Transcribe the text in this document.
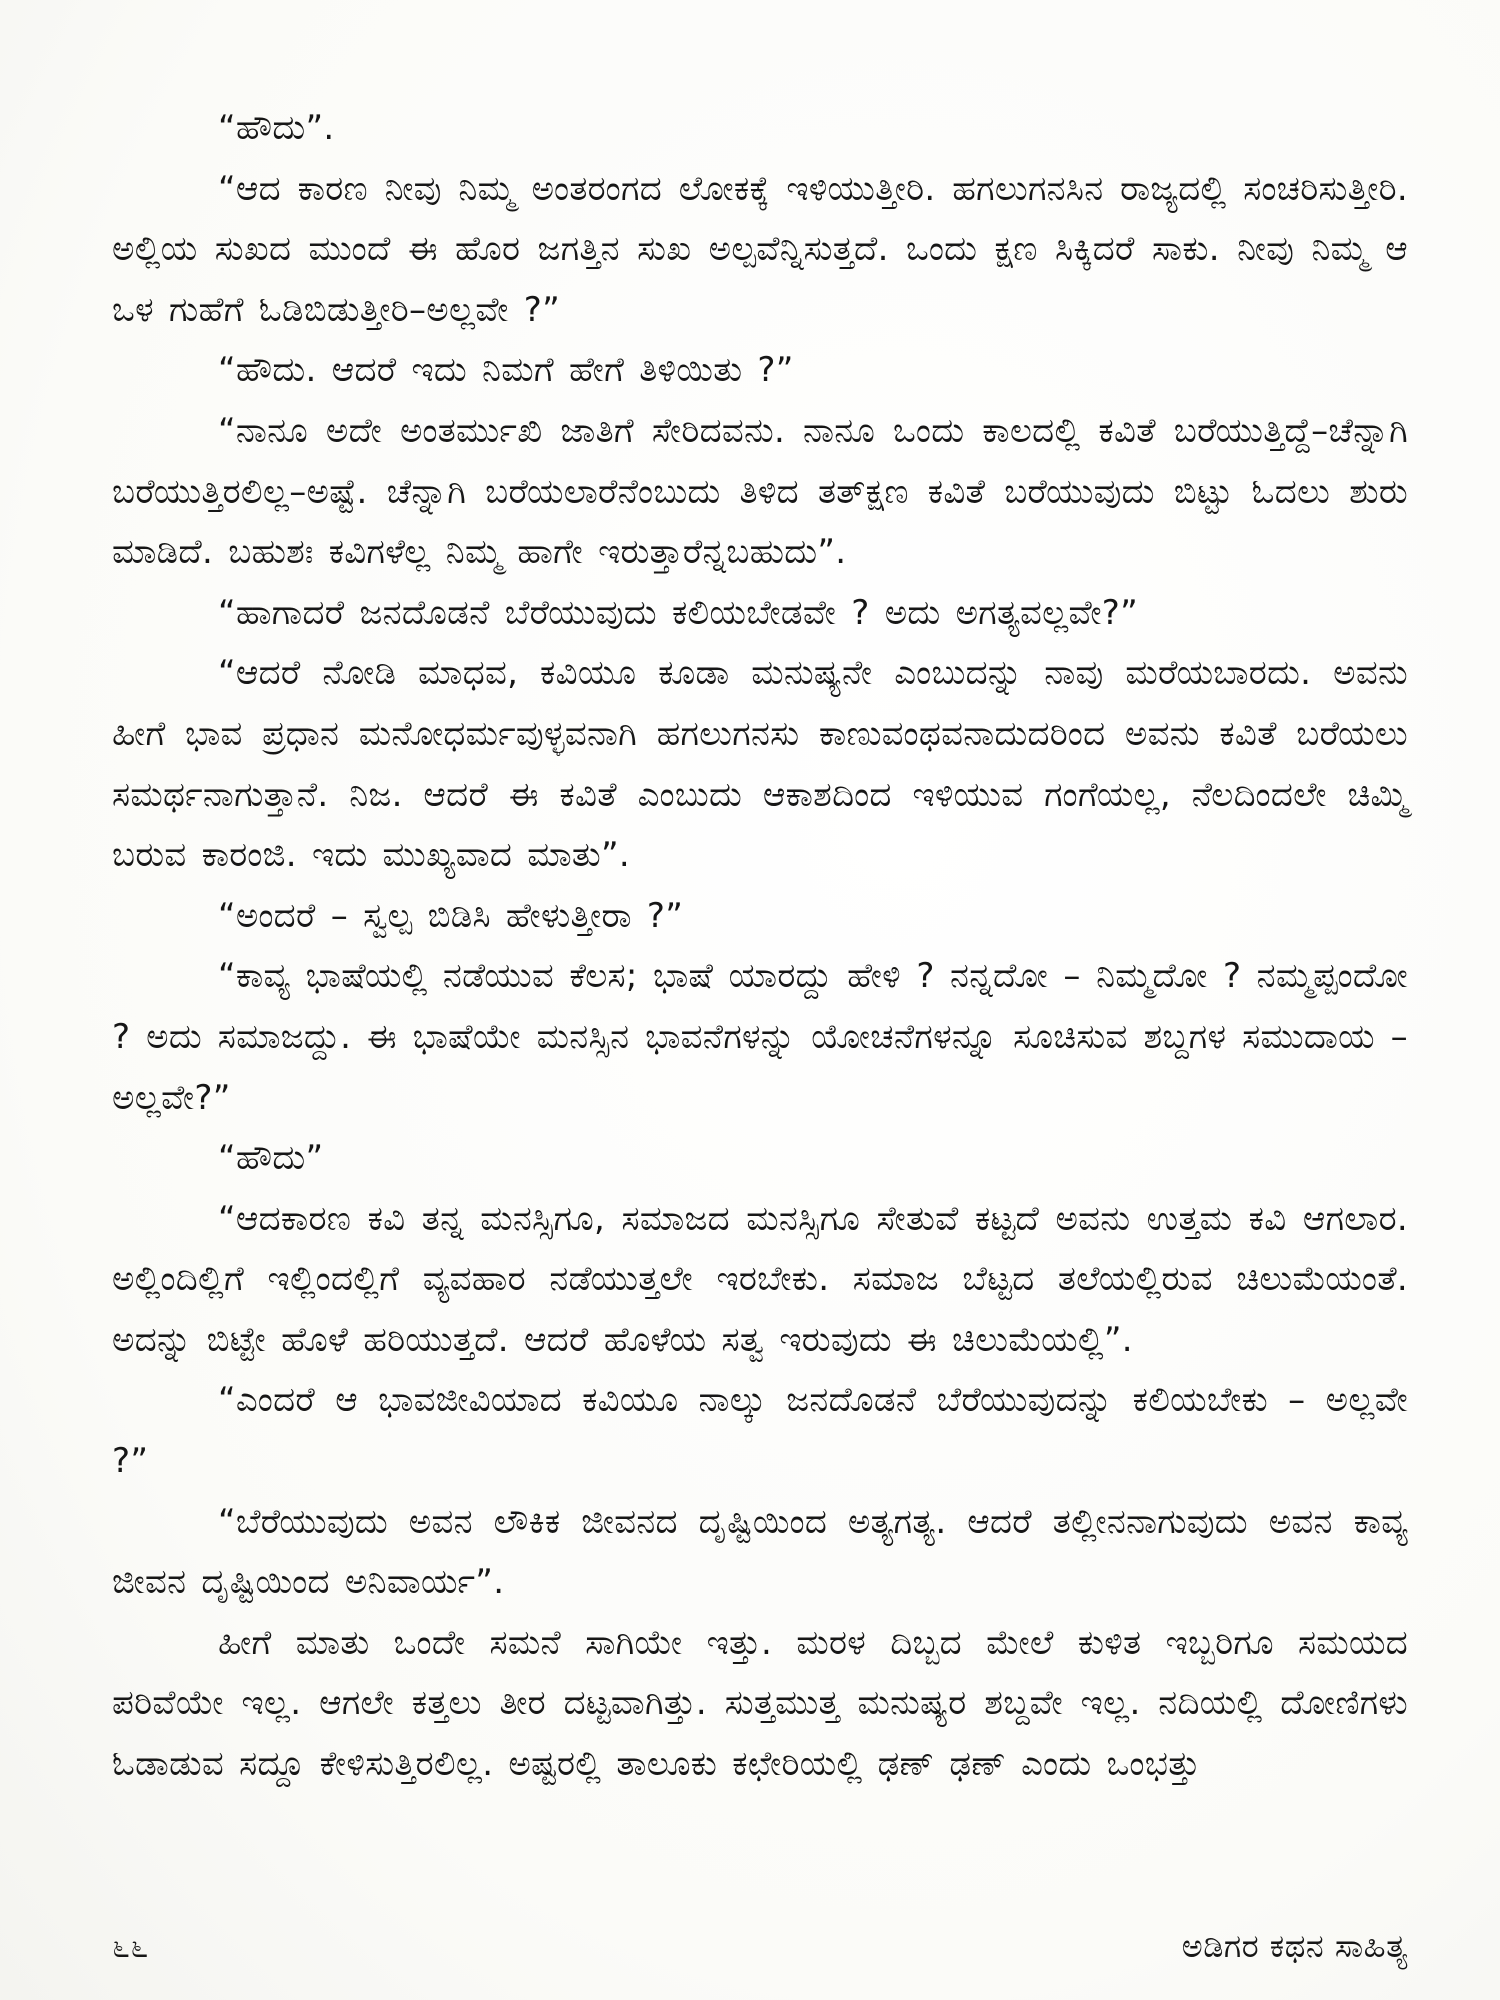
“ಹೌದು”.

“ಆದ ಕಾರಣ ನೀವು ನಿಮ್ಮ ಅಂತರಂಗದ ಲೋಕಕ್ಕೆ ಇಳಿಯುತ್ತೀರಿ. ಹಗಲುಗನಸಿನ ರಾಜ್ಯದಲ್ಲಿ ಸಂಚರಿಸುತ್ತೀರಿ. ಅಲ್ಲಿಯ ಸುಖದ ಮುಂದೆ ಈ ಹೊರ ಜಗತ್ತಿನ ಸುಖ ಅಲ್ಪವೆನ್ನಿಸುತ್ತದೆ. ಒಂದು ಕ್ಷಣ ಸಿಕ್ಕಿದರೆ ಸಾಕು. ನೀವು ನಿಮ್ಮ ಆ ಒಳ ಗುಹೆಗೆ ಓಡಿಬಿಡುತ್ತೀರಿ–ಅಲ್ಲವೇ ?”

“ಹೌದು. ಆದರೆ ಇದು ನಿಮಗೆ ಹೇಗೆ ತಿಳಿಯಿತು ?”

“ನಾನೂ ಅದೇ ಅಂತರ್ಮುಖಿ ಜಾತಿಗೆ ಸೇರಿದವನು. ನಾನೂ ಒಂದು ಕಾಲದಲ್ಲಿ ಕವಿತೆ ಬರೆಯುತ್ತಿದ್ದೆ–ಚೆನ್ನಾಗಿ ಬರೆಯುತ್ತಿರಲಿಲ್ಲ–ಅಷ್ಟೆ. ಚೆನ್ನಾಗಿ ಬರೆಯಲಾರೆನೆಂಬುದು ತಿಳಿದ ತತ್‌ಕ್ಷಣ ಕವಿತೆ ಬರೆಯುವುದು ಬಿಟ್ಟು ಓದಲು ಶುರು ಮಾಡಿದೆ. ಬಹುಶಃ ಕವಿಗಳೆಲ್ಲ ನಿಮ್ಮ ಹಾಗೇ ಇರುತ್ತಾರೆನ್ನಬಹುದು”.

“ಹಾಗಾದರೆ ಜನದೊಡನೆ ಬೆರೆಯುವುದು ಕಲಿಯಬೇಡವೇ ? ಅದು ಅಗತ್ಯವಲ್ಲವೇ?”

“ಆದರೆ ನೋಡಿ ಮಾಧವ, ಕವಿಯೂ ಕೂಡಾ ಮನುಷ್ಯನೇ ಎಂಬುದನ್ನು ನಾವು ಮರೆಯಬಾರದು. ಅವನು ಹೀಗೆ ಭಾವ ಪ್ರಧಾನ ಮನೋಧರ್ಮವುಳ್ಳವನಾಗಿ ಹಗಲುಗನಸು ಕಾಣುವಂಥವನಾದುದರಿಂದ ಅವನು ಕವಿತೆ ಬರೆಯಲು ಸಮರ್ಥನಾಗುತ್ತಾನೆ. ನಿಜ. ಆದರೆ ಈ ಕವಿತೆ ಎಂಬುದು ಆಕಾಶದಿಂದ ಇಳಿಯುವ ಗಂಗೆಯಲ್ಲ, ನೆಲದಿಂದಲೇ ಚಿಮ್ಮಿ ಬರುವ ಕಾರಂಜಿ. ಇದು ಮುಖ್ಯವಾದ ಮಾತು”.

“ಅಂದರೆ – ಸ್ವಲ್ಪ ಬಿಡಿಸಿ ಹೇಳುತ್ತೀರಾ ?”

“ಕಾವ್ಯ ಭಾಷೆಯಲ್ಲಿ ನಡೆಯುವ ಕೆಲಸ; ಭಾಷೆ ಯಾರದ್ದು ಹೇಳಿ ? ನನ್ನದೋ – ನಿಮ್ಮದೋ ? ನಮ್ಮಪ್ಪಂದೋ ? ಅದು ಸಮಾಜದ್ದು. ಈ ಭಾಷೆಯೇ ಮನಸ್ಸಿನ ಭಾವನೆಗಳನ್ನು ಯೋಚನೆಗಳನ್ನೂ ಸೂಚಿಸುವ ಶಬ್ದಗಳ ಸಮುದಾಯ – ಅಲ್ಲವೇ?”

“ಹೌದು”

“ಆದಕಾರಣ ಕವಿ ತನ್ನ ಮನಸ್ಸಿಗೂ, ಸಮಾಜದ ಮನಸ್ಸಿಗೂ ಸೇತುವೆ ಕಟ್ಟದೆ ಅವನು ಉತ್ತಮ ಕವಿ ಆಗಲಾರ. ಅಲ್ಲಿಂದಿಲ್ಲಿಗೆ ಇಲ್ಲಿಂದಲ್ಲಿಗೆ ವ್ಯವಹಾರ ನಡೆಯುತ್ತಲೇ ಇರಬೇಕು. ಸಮಾಜ ಬೆಟ್ಟದ ತಲೆಯಲ್ಲಿರುವ ಚಿಲುಮೆಯಂತೆ. ಅದನ್ನು ಬಿಟ್ಟೇ ಹೊಳೆ ಹರಿಯುತ್ತದೆ. ಆದರೆ ಹೊಳೆಯ ಸತ್ವ ಇರುವುದು ಈ ಚಿಲುಮೆಯಲ್ಲಿ”.

“ಎಂದರೆ ಆ ಭಾವಜೀವಿಯಾದ ಕವಿಯೂ ನಾಲ್ಕು ಜನದೊಡನೆ ಬೆರೆಯುವುದನ್ನು ಕಲಿಯಬೇಕು – ಅಲ್ಲವೇ ?”

“ಬೆರೆಯುವುದು ಅವನ ಲೌಕಿಕ ಜೀವನದ ದೃಷ್ಟಿಯಿಂದ ಅತ್ಯಗತ್ಯ. ಆದರೆ ತಲ್ಲೀನನಾಗುವುದು ಅವನ ಕಾವ್ಯ ಜೀವನ ದೃಷ್ಟಿಯಿಂದ ಅನಿವಾರ್ಯ”.

ಹೀಗೆ ಮಾತು ಒಂದೇ ಸಮನೆ ಸಾಗಿಯೇ ಇತ್ತು. ಮರಳ ದಿಬ್ಬದ ಮೇಲೆ ಕುಳಿತ ಇಬ್ಬರಿಗೂ ಸಮಯದ ಪರಿವೆಯೇ ಇಲ್ಲ. ಆಗಲೇ ಕತ್ತಲು ತೀರ ದಟ್ಟವಾಗಿತ್ತು. ಸುತ್ತಮುತ್ತ ಮನುಷ್ಯರ ಶಬ್ದವೇ ಇಲ್ಲ. ನದಿಯಲ್ಲಿ ದೋಣಿಗಳು ಓಡಾಡುವ ಸದ್ದೂ ಕೇಳಿಸುತ್ತಿರಲಿಲ್ಲ. ಅಷ್ಟರಲ್ಲಿ ತಾಲೂಕು ಕಛೇರಿಯಲ್ಲಿ ಢಣ್ ಢಣ್ ಎಂದು ಒಂಭತ್ತು

೬೬	ಅಡಿಗರ ಕಥನ ಸಾಹಿತ್ಯ
